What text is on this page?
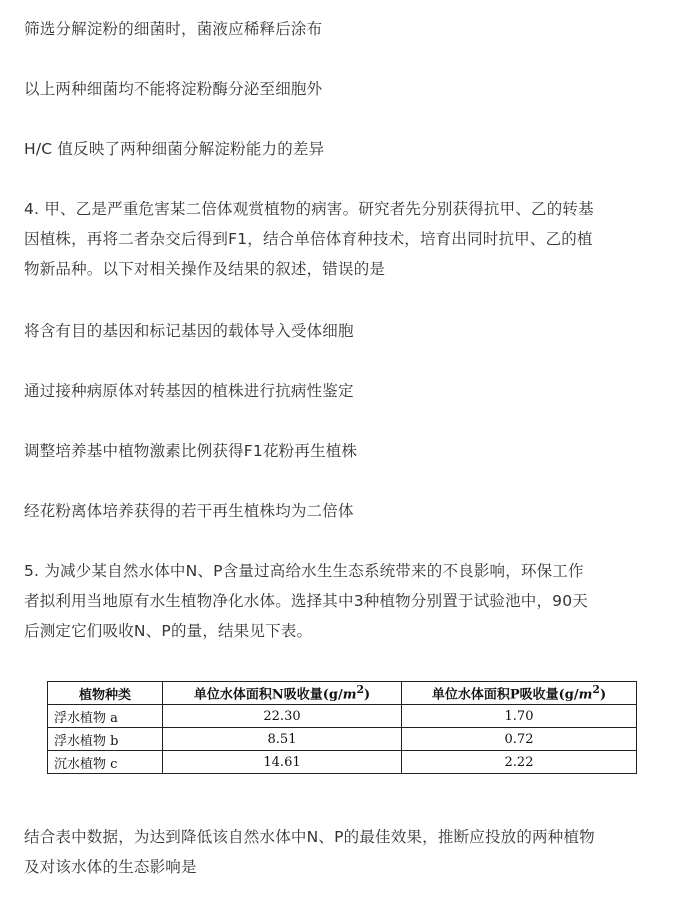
筛选分解淀粉的细菌时，菌液应稀释后涂布
以上两种细菌均不能将淀粉酶分泌至细胞外
H/C 值反映了两种细菌分解淀粉能力的差异
4. 甲、乙是严重危害某二倍体观赏植物的病害。研究者先分别获得抗甲、乙的转基
因植株，再将二者杂交后得到F1，结合单倍体育种技术，培育出同时抗甲、乙的植
物新品种。以下对相关操作及结果的叙述，错误的是
将含有目的基因和标记基因的载体导入受体细胞
通过接种病原体对转基因的植株进行抗病性鉴定
调整培养基中植物激素比例获得F1花粉再生植株
经花粉离体培养获得的若干再生植株均为二倍体
5. 为减少某自然水体中N、P含量过高给水生生态系统带来的不良影响，环保工作
者拟利用当地原有水生植物净化水体。选择其中3种植物分别置于试验池中，90天
后测定它们吸收N、P的量，结果见下表。
植物种类	单位水体面积N吸收量$(g/m^2)$	单位水体面积P吸收量$(g/m^2)$
浮水植物 a	22.30	1.70
浮水植物 b	8.51	0.72
沉水植物 c	14.61	2.22
结合表中数据，为达到降低该自然水体中N、P的最佳效果，推断应投放的两种植物
及对该水体的生态影响是
